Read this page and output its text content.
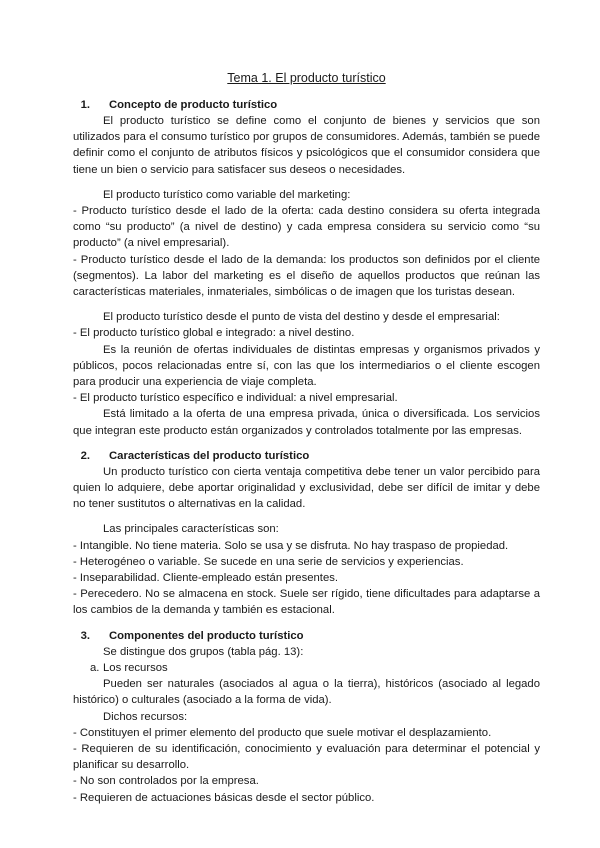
Tema 1. El producto turístico
1. Concepto de producto turístico

El producto turístico se define como el conjunto de bienes y servicios que son utilizados para el consumo turístico por grupos de consumidores. Además, también se puede definir como el conjunto de atributos físicos y psicológicos que el consumidor considera que tiene un bien o servicio para satisfacer sus deseos o necesidades.

El producto turístico como variable del marketing:

- Producto turístico desde el lado de la oferta: cada destino considera su oferta integrada como “su producto” (a nivel de destino) y cada empresa considera su servicio como “su producto” (a nivel empresarial).

- Producto turístico desde el lado de la demanda: los productos son definidos por el cliente (segmentos). La labor del marketing es el diseño de aquellos productos que reúnan las características materiales, inmateriales, simbólicas o de imagen que los turistas desean.

El producto turístico desde el punto de vista del destino y desde el empresarial:

- El producto turístico global e integrado: a nivel destino.

Es la reunión de ofertas individuales de distintas empresas y organismos privados y públicos, pocos relacionadas entre sí, con las que los intermediarios o el cliente escogen para producir una experiencia de viaje completa.

- El producto turístico específico e individual: a nivel empresarial.

Está limitado a la oferta de una empresa privada, única o diversificada. Los servicios que integran este producto están organizados y controlados totalmente por las empresas.

2. Características del producto turístico

Un producto turístico con cierta ventaja competitiva debe tener un valor percibido para quien lo adquiere, debe aportar originalidad y exclusividad, debe ser difícil de imitar y debe no tener sustitutos o alternativas en la calidad.

Las principales características son:

- Intangible. No tiene materia. Solo se usa y se disfruta. No hay traspaso de propiedad.

- Heterogéneo o variable. Se sucede en una serie de servicios y experiencias.

- Inseparabilidad. Cliente-empleado están presentes.

- Perecedero. No se almacena en stock. Suele ser rígido, tiene dificultades para adaptarse a los cambios de la demanda y también es estacional.

3. Componentes del producto turístico

Se distingue dos grupos (tabla pág. 13):

a. Los recursos

Pueden ser naturales (asociados al agua o la tierra), históricos (asociado al legado histórico) o culturales (asociado a la forma de vida).

Dichos recursos:

- Constituyen el primer elemento del producto que suele motivar el desplazamiento.

- Requieren de su identificación, conocimiento y evaluación para determinar el potencial y planificar su desarrollo.

- No son controlados por la empresa.

- Requieren de actuaciones básicas desde el sector público.
